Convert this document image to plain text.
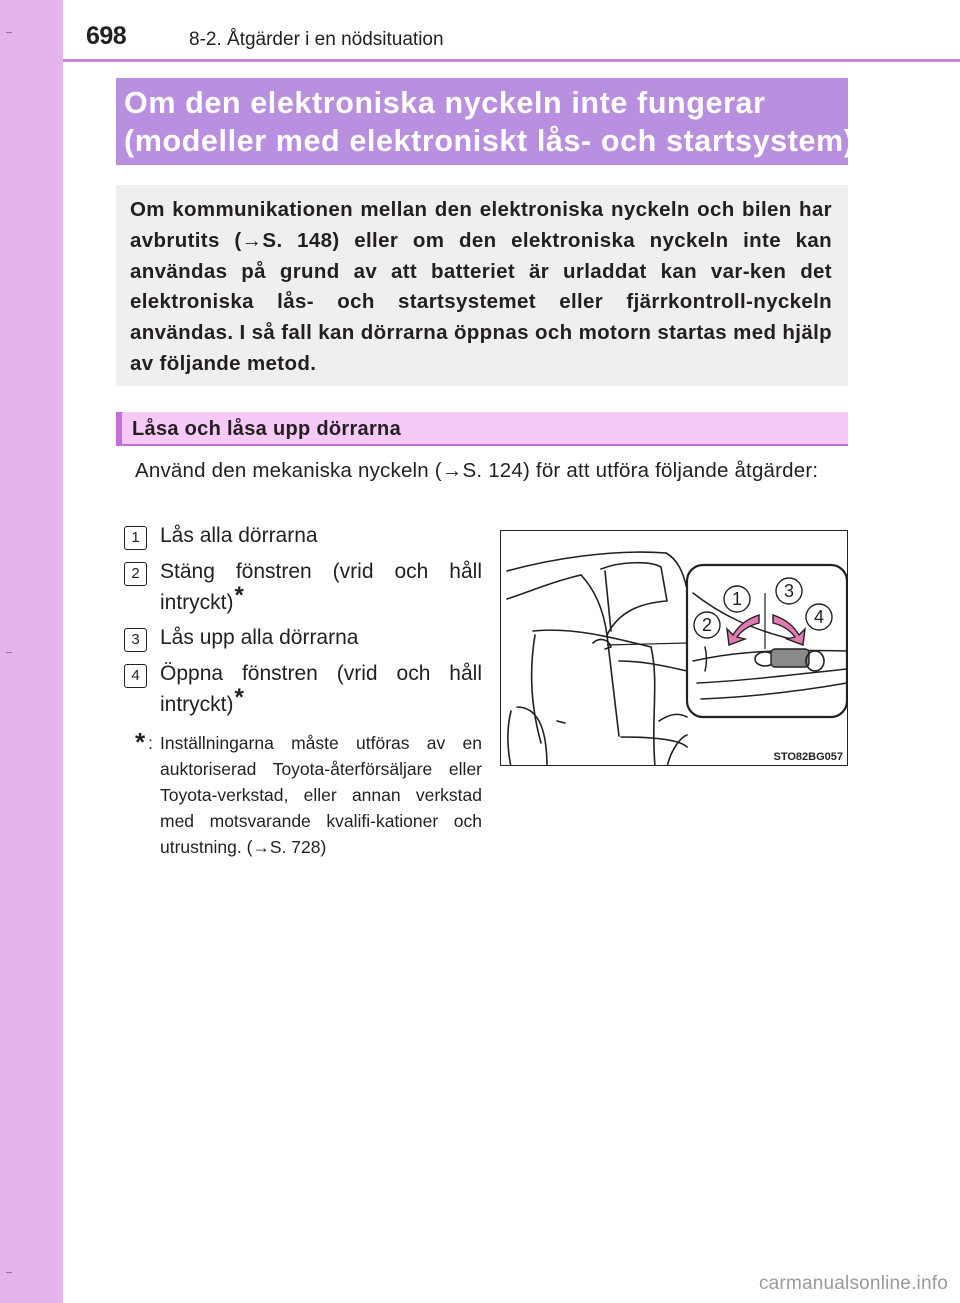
698	8-2. Åtgärder i en nödsituation
Om den elektroniska nyckeln inte fungerar
(modeller med elektroniskt lås- och startsystem)
Om kommunikationen mellan den elektroniska nyckeln och bilen har avbrutits (→S. 148) eller om den elektroniska nyckeln inte kan användas på grund av att batteriet är urladdat kan var-ken det elektroniska lås- och startsystemet eller fjärrkontroll-nyckeln användas. I så fall kan dörrarna öppnas och motorn startas med hjälp av följande metod.
Låsa och låsa upp dörrarna
Använd den mekaniska nyckeln (→S. 124) för att utföra följande åtgärder:
1 Lås alla dörrarna
2 Stäng fönstren (vrid och håll intryckt)*
3 Lås upp alla dörrarna
4 Öppna fönstren (vrid och håll intryckt)*
* : Inställningarna måste utföras av en auktoriserad Toyota-återförsäljare eller Toyota-verkstad, eller annan verkstad med motsvarande kvalifi-kationer och utrustning. (→S. 728)
1 3
2	4
STO82BG057
carmanualsonline.info
